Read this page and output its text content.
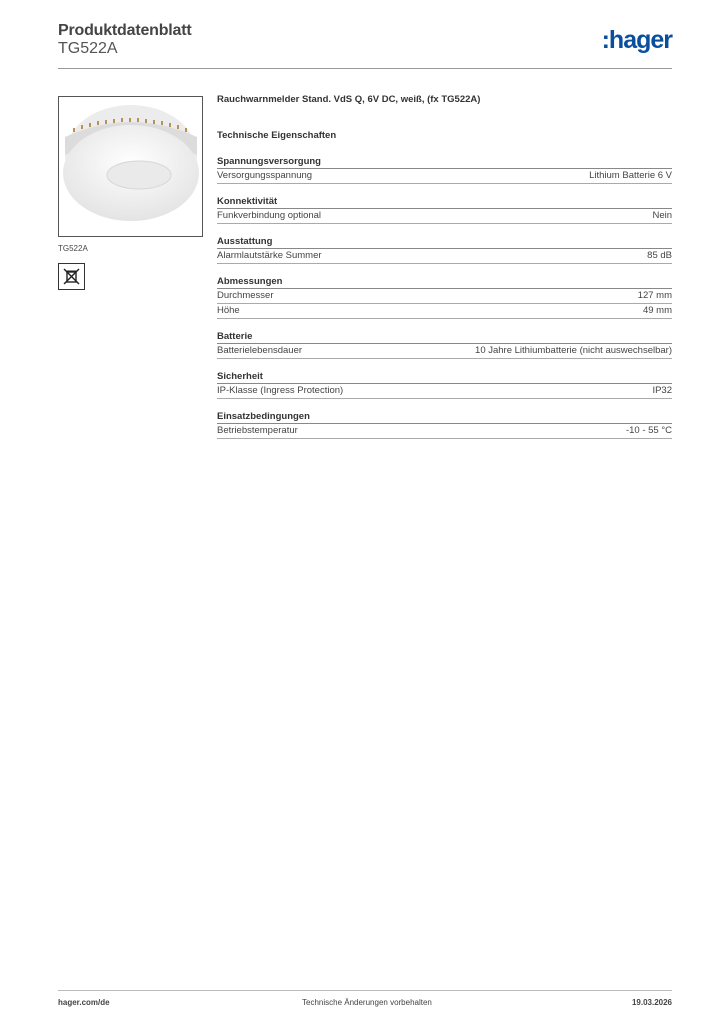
Produktdatenblatt
TG522A	:hager
TG522A
Rauchwarnmelder Stand. VdS Q, 6V DC, weiß, (fx TG522A)
Technische Eigenschaften
Spannungsversorgung
Versorgungsspannung	Lithium Batterie 6 V
Konnektivität
Funkverbindung optional	Nein
Ausstattung
Alarmlautstärke Summer	85 dB
Abmessungen
Durchmesser	127 mm
Höhe	49 mm
Batterie
Batterielebensdauer	10 Jahre Lithiumbatterie (nicht auswechselbar)
Sicherheit
IP-Klasse (Ingress Protection)	IP32
Einsatzbedingungen
Betriebstemperatur	-10 - 55 °C
hager.com/de	Technische Änderungen vorbehalten	19.03.2026
